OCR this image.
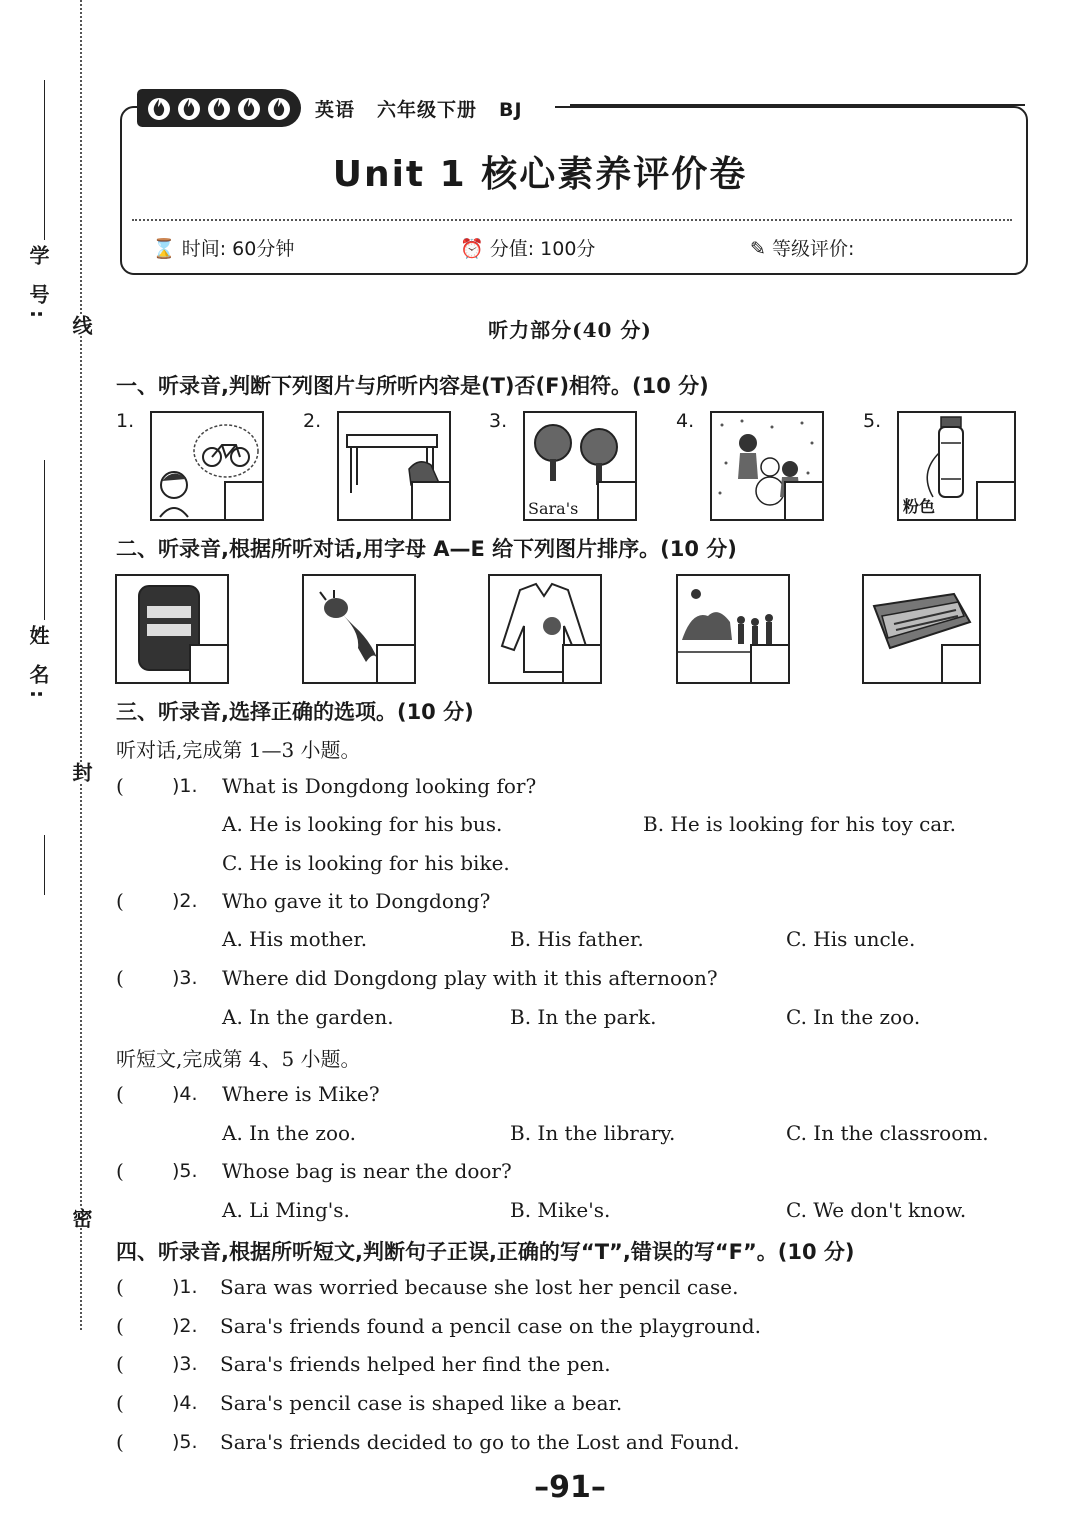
学 号:
姓 名:
线
封
密
英语 六年级下册 BJ
Unit 1 核心素养评价卷
⌛ 时间: 60分钟	⏰ 分值: 100分	✎ 等级评价:
听力部分(40 分)
一、听录音,判断下列图片与所听内容是(T)否(F)相符。(10 分)
1.	2.	3.
Sara's
4.	5.
粉色
二、听录音,根据所听对话,用字母 A—E 给下列图片排序。(10 分)
三、听录音,选择正确的选项。(10 分)
听对话,完成第 1—3 小题。
(	)1. What is Dongdong looking for?
A. He is looking for his bus.	B. He is looking for his toy car.
C. He is looking for his bike.
(	)2. Who gave it to Dongdong?
A. His mother.	B. His father.	C. His uncle.
(	)3. Where did Dongdong play with it this afternoon?
A. In the garden.	B. In the park.	C. In the zoo.
听短文,完成第 4、5 小题。
(	)4. Where is Mike?
A. In the zoo.	B. In the library.	C. In the classroom.
(	)5. Whose bag is near the door?
A. Li Ming's.	B. Mike's.	C. We don't know.
四、听录音,根据所听短文,判断句子正误,正确的写“T”,错误的写“F”。(10 分)
(	)1. Sara was worried because she lost her pencil case.
(	)2. Sara's friends found a pencil case on the playground.
(	)3. Sara's friends helped her find the pen.
(	)4. Sara's pencil case is shaped like a bear.
(	)5. Sara's friends decided to go to the Lost and Found.
–91–
